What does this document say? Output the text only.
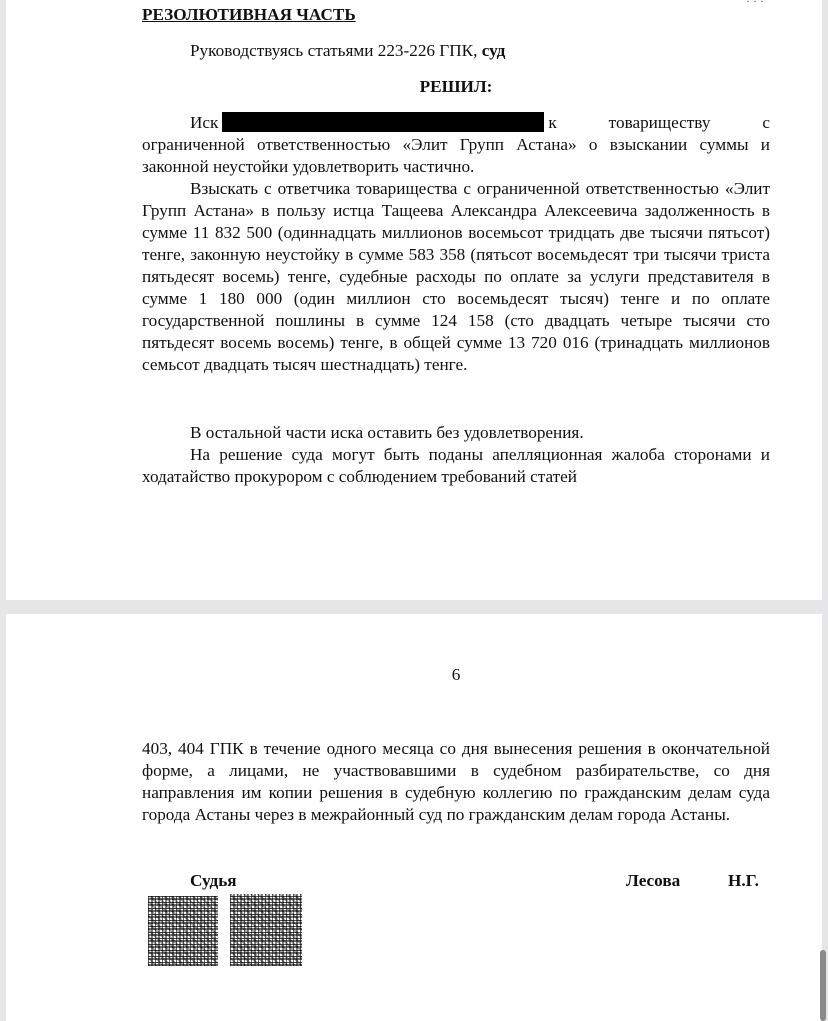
· · ·
РЕЗОЛЮТИВНАЯ ЧАСТЬ
Руководствуясь статьями 223-226 ГПК, суд
РЕШИЛ:
Иск	к товариществу с ограниченной ответственностью «Элит Групп Астана» о взыскании суммы и законной неустойки удовлетворить частично.
Взыскать с ответчика товарищества с ограниченной ответственностью «Элит Групп Астана» в пользу истца Тащеева Александра Алексеевича задолженность в сумме 11 832 500 (одиннадцать миллионов восемьсот тридцать две тысячи пятьсот) тенге, законную неустойку в сумме 583 358 (пятьсот восемьдесят три тысячи триста пятьдесят восемь) тенге, судебные расходы по оплате за услуги представителя в сумме 1 180 000 (один миллион сто восемьдесят тысяч) тенге и по оплате государственной пошлины в сумме 124 158 (сто двадцать четыре тысячи сто пятьдесят восемь восемь) тенге, в общей сумме 13 720 016 (тринадцать миллионов семьсот двадцать тысяч шестнадцать) тенге.
В остальной части иска оставить без удовлетворения.
На решение суда могут быть поданы апелляционная жалоба сторонами и ходатайство прокурором с соблюдением требований статей
6
403, 404 ГПК в течение одного месяца со дня вынесения решения в окончательной форме, а лицами, не участвовавшими в судебном разбирательстве, со дня направления им копии решения в судебную коллегию по гражданским делам суда города Астаны через в межрайонный суд по гражданским делам города Астаны.
Судья	Лесова	Н.Г.
